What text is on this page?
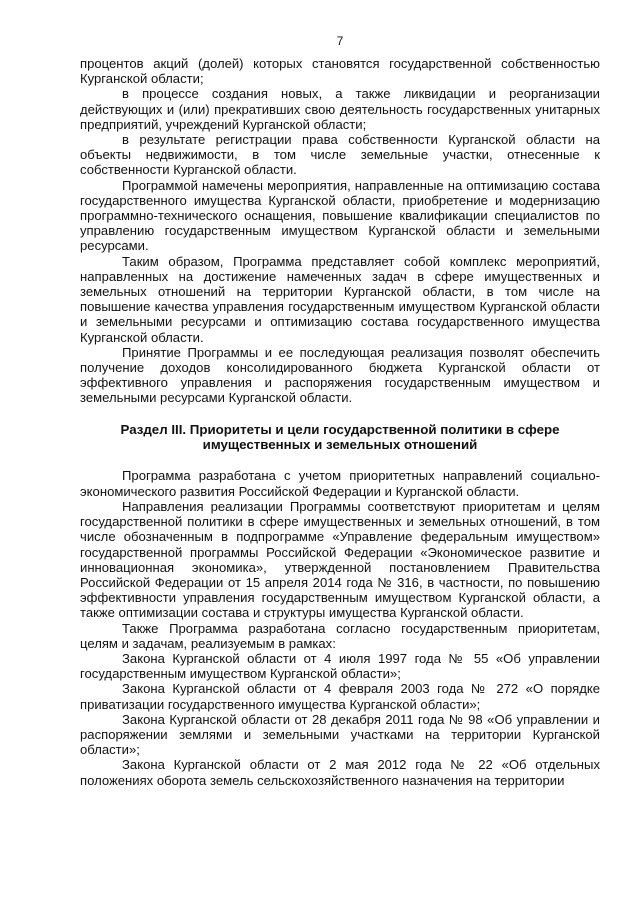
7

процентов акций (долей) которых становятся государственной собственностью Курганской области;

в процессе создания новых, а также ликвидации и реорганизации действующих и (или) прекративших свою деятельность государственных унитарных предприятий, учреждений Курганской области;

в результате регистрации права собственности Курганской области на объекты недвижимости, в том числе земельные участки, отнесенные к собственности Курганской области.

Программой намечены мероприятия, направленные на оптимизацию состава государственного имущества Курганской области, приобретение и модернизацию программно-технического оснащения, повышение квалификации специалистов по управлению государственным имуществом Курганской области и земельными ресурсами.

Таким образом, Программа представляет собой комплекс мероприятий, направленных на достижение намеченных задач в сфере имущественных и земельных отношений на территории Курганской области, в том числе на повышение качества управления государственным имуществом Курганской области и земельными ресурсами и оптимизацию состава государственного имущества Курганской области.

Принятие Программы и ее последующая реализация позволят обеспечить получение доходов консолидированного бюджета Курганской области от эффективного управления и распоряжения государственным имуществом и земельными ресурсами Курганской области.

Раздел III. Приоритеты и цели государственной политики в сфере
имущественных и земельных отношений

Программа разработана с учетом приоритетных направлений социально-экономического развития Российской Федерации и Курганской области.

Направления реализации Программы соответствуют приоритетам и целям государственной политики в сфере имущественных и земельных отношений, в том числе обозначенным в подпрограмме «Управление федеральным имуществом» государственной программы Российской Федерации «Экономическое развитие и инновационная экономика», утвержденной постановлением Правительства Российской Федерации от 15 апреля 2014 года № 316, в частности, по повышению эффективности управления государственным имуществом Курганской области, а также оптимизации состава и структуры имущества Курганской области.

Также Программа разработана согласно государственным приоритетам, целям и задачам, реализуемым в рамках:

Закона Курганской области от 4 июля 1997 года № 55 «Об управлении государственным имуществом Курганской области»;

Закона Курганской области от 4 февраля 2003 года № 272 «О порядке приватизации государственного имущества Курганской области»;

Закона Курганской области от 28 декабря 2011 года № 98 «Об управлении и распоряжении землями и земельными участками на территории Курганской области»;

Закона Курганской области от 2 мая 2012 года № 22 «Об отдельных положениях оборота земель сельскохозяйственного назначения на территории
